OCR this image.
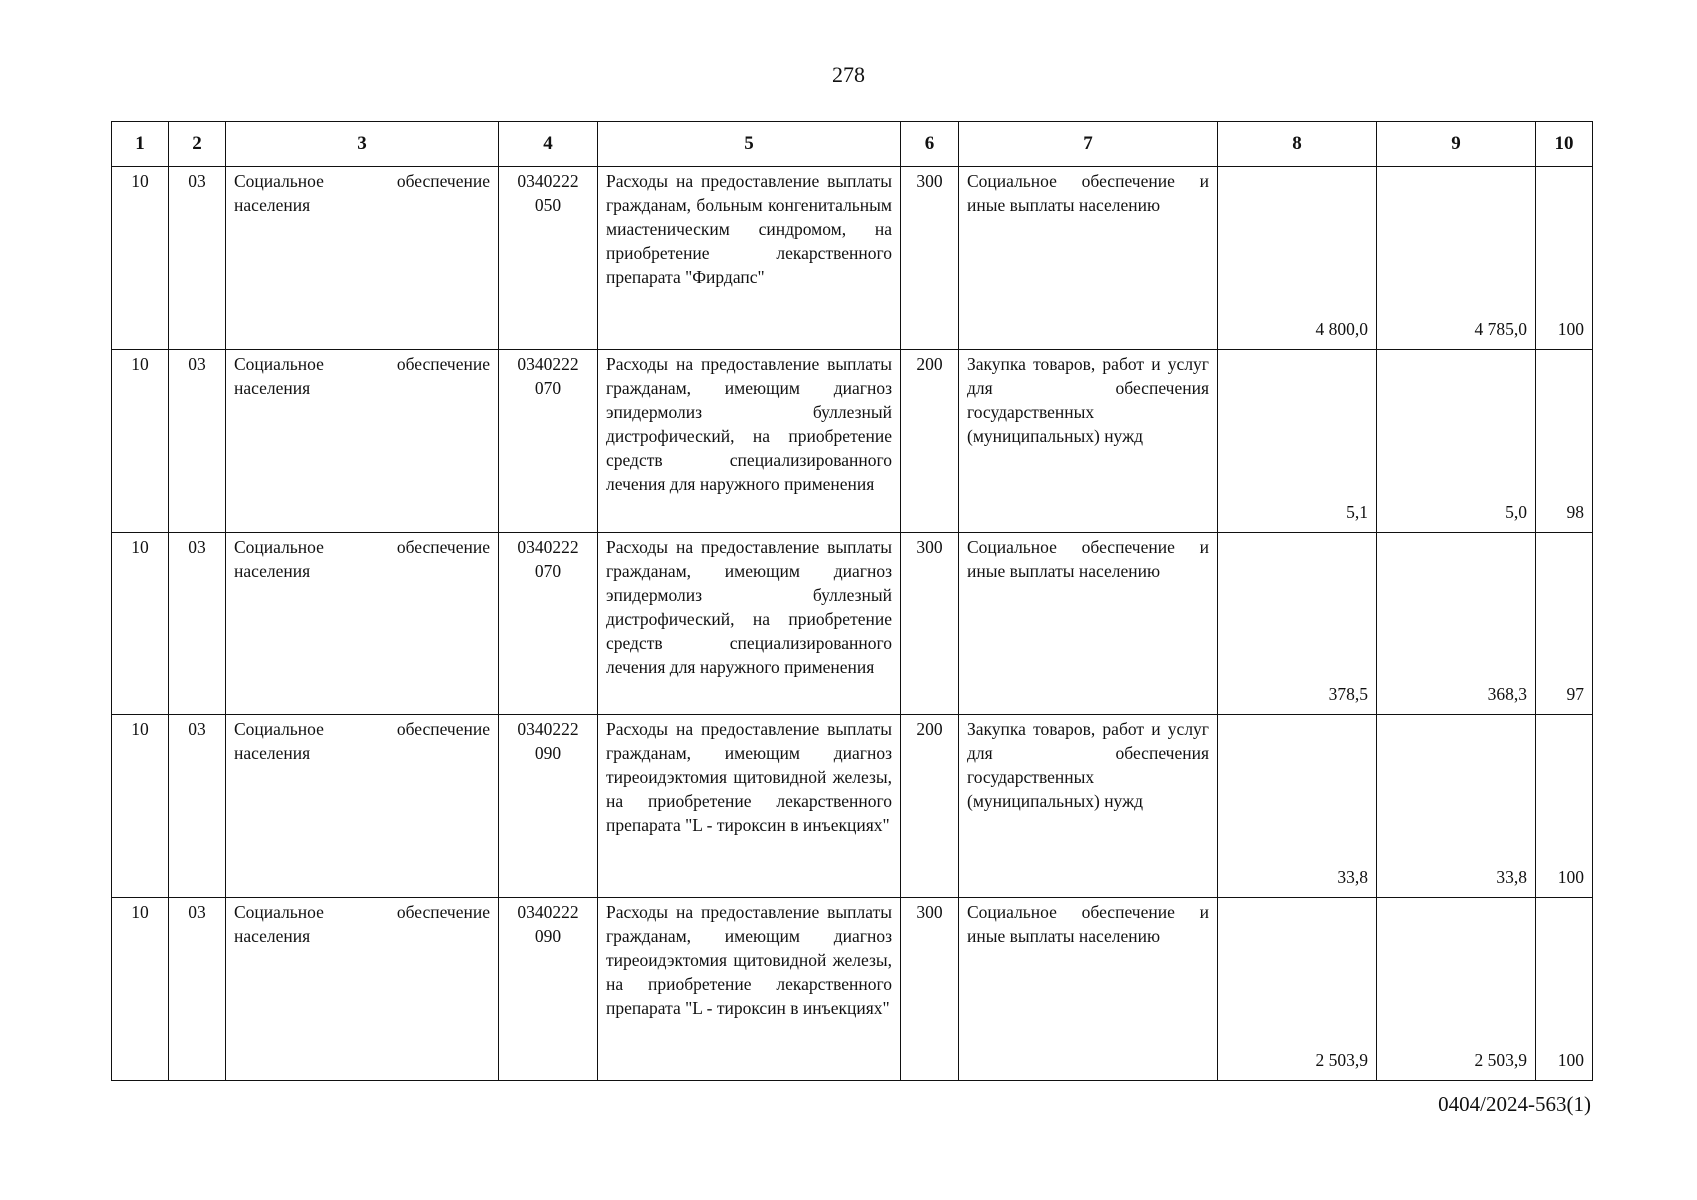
278
1	2	3	4	5	6	7	8	9	10
10	03	Социальное обеспечение населения	0340222 050	Расходы на предоставление выплаты гражданам, больным конгенитальным миастеническим синдромом, на приобретение лекарственного препарата "Фирдапс"	300	Социальное обеспечение и иные выплаты населению	4 800,0	4 785,0	100
10	03	Социальное обеспечение населения	0340222 070	Расходы на предоставление выплаты гражданам, имеющим диагноз эпидермолиз буллезный дистрофический, на приобретение средств специализированного лечения для наружного применения	200	Закупка товаров, работ и услуг для обеспечения государственных (муниципальных) нужд	5,1	5,0	98
10	03	Социальное обеспечение населения	0340222 070	Расходы на предоставление выплаты гражданам, имеющим диагноз эпидермолиз буллезный дистрофический, на приобретение средств специализированного лечения для наружного применения	300	Социальное обеспечение и иные выплаты населению	378,5	368,3	97
10	03	Социальное обеспечение населения	0340222 090	Расходы на предоставление выплаты гражданам, имеющим диагноз тиреоидэктомия щитовидной железы, на приобретение лекарственного препарата "L - тироксин в инъекциях"	200	Закупка товаров, работ и услуг для обеспечения государственных (муниципальных) нужд	33,8	33,8	100
10	03	Социальное обеспечение населения	0340222 090	Расходы на предоставление выплаты гражданам, имеющим диагноз тиреоидэктомия щитовидной железы, на приобретение лекарственного препарата "L - тироксин в инъекциях"	300	Социальное обеспечение и иные выплаты населению	2 503,9	2 503,9	100
0404/2024-563(1)
